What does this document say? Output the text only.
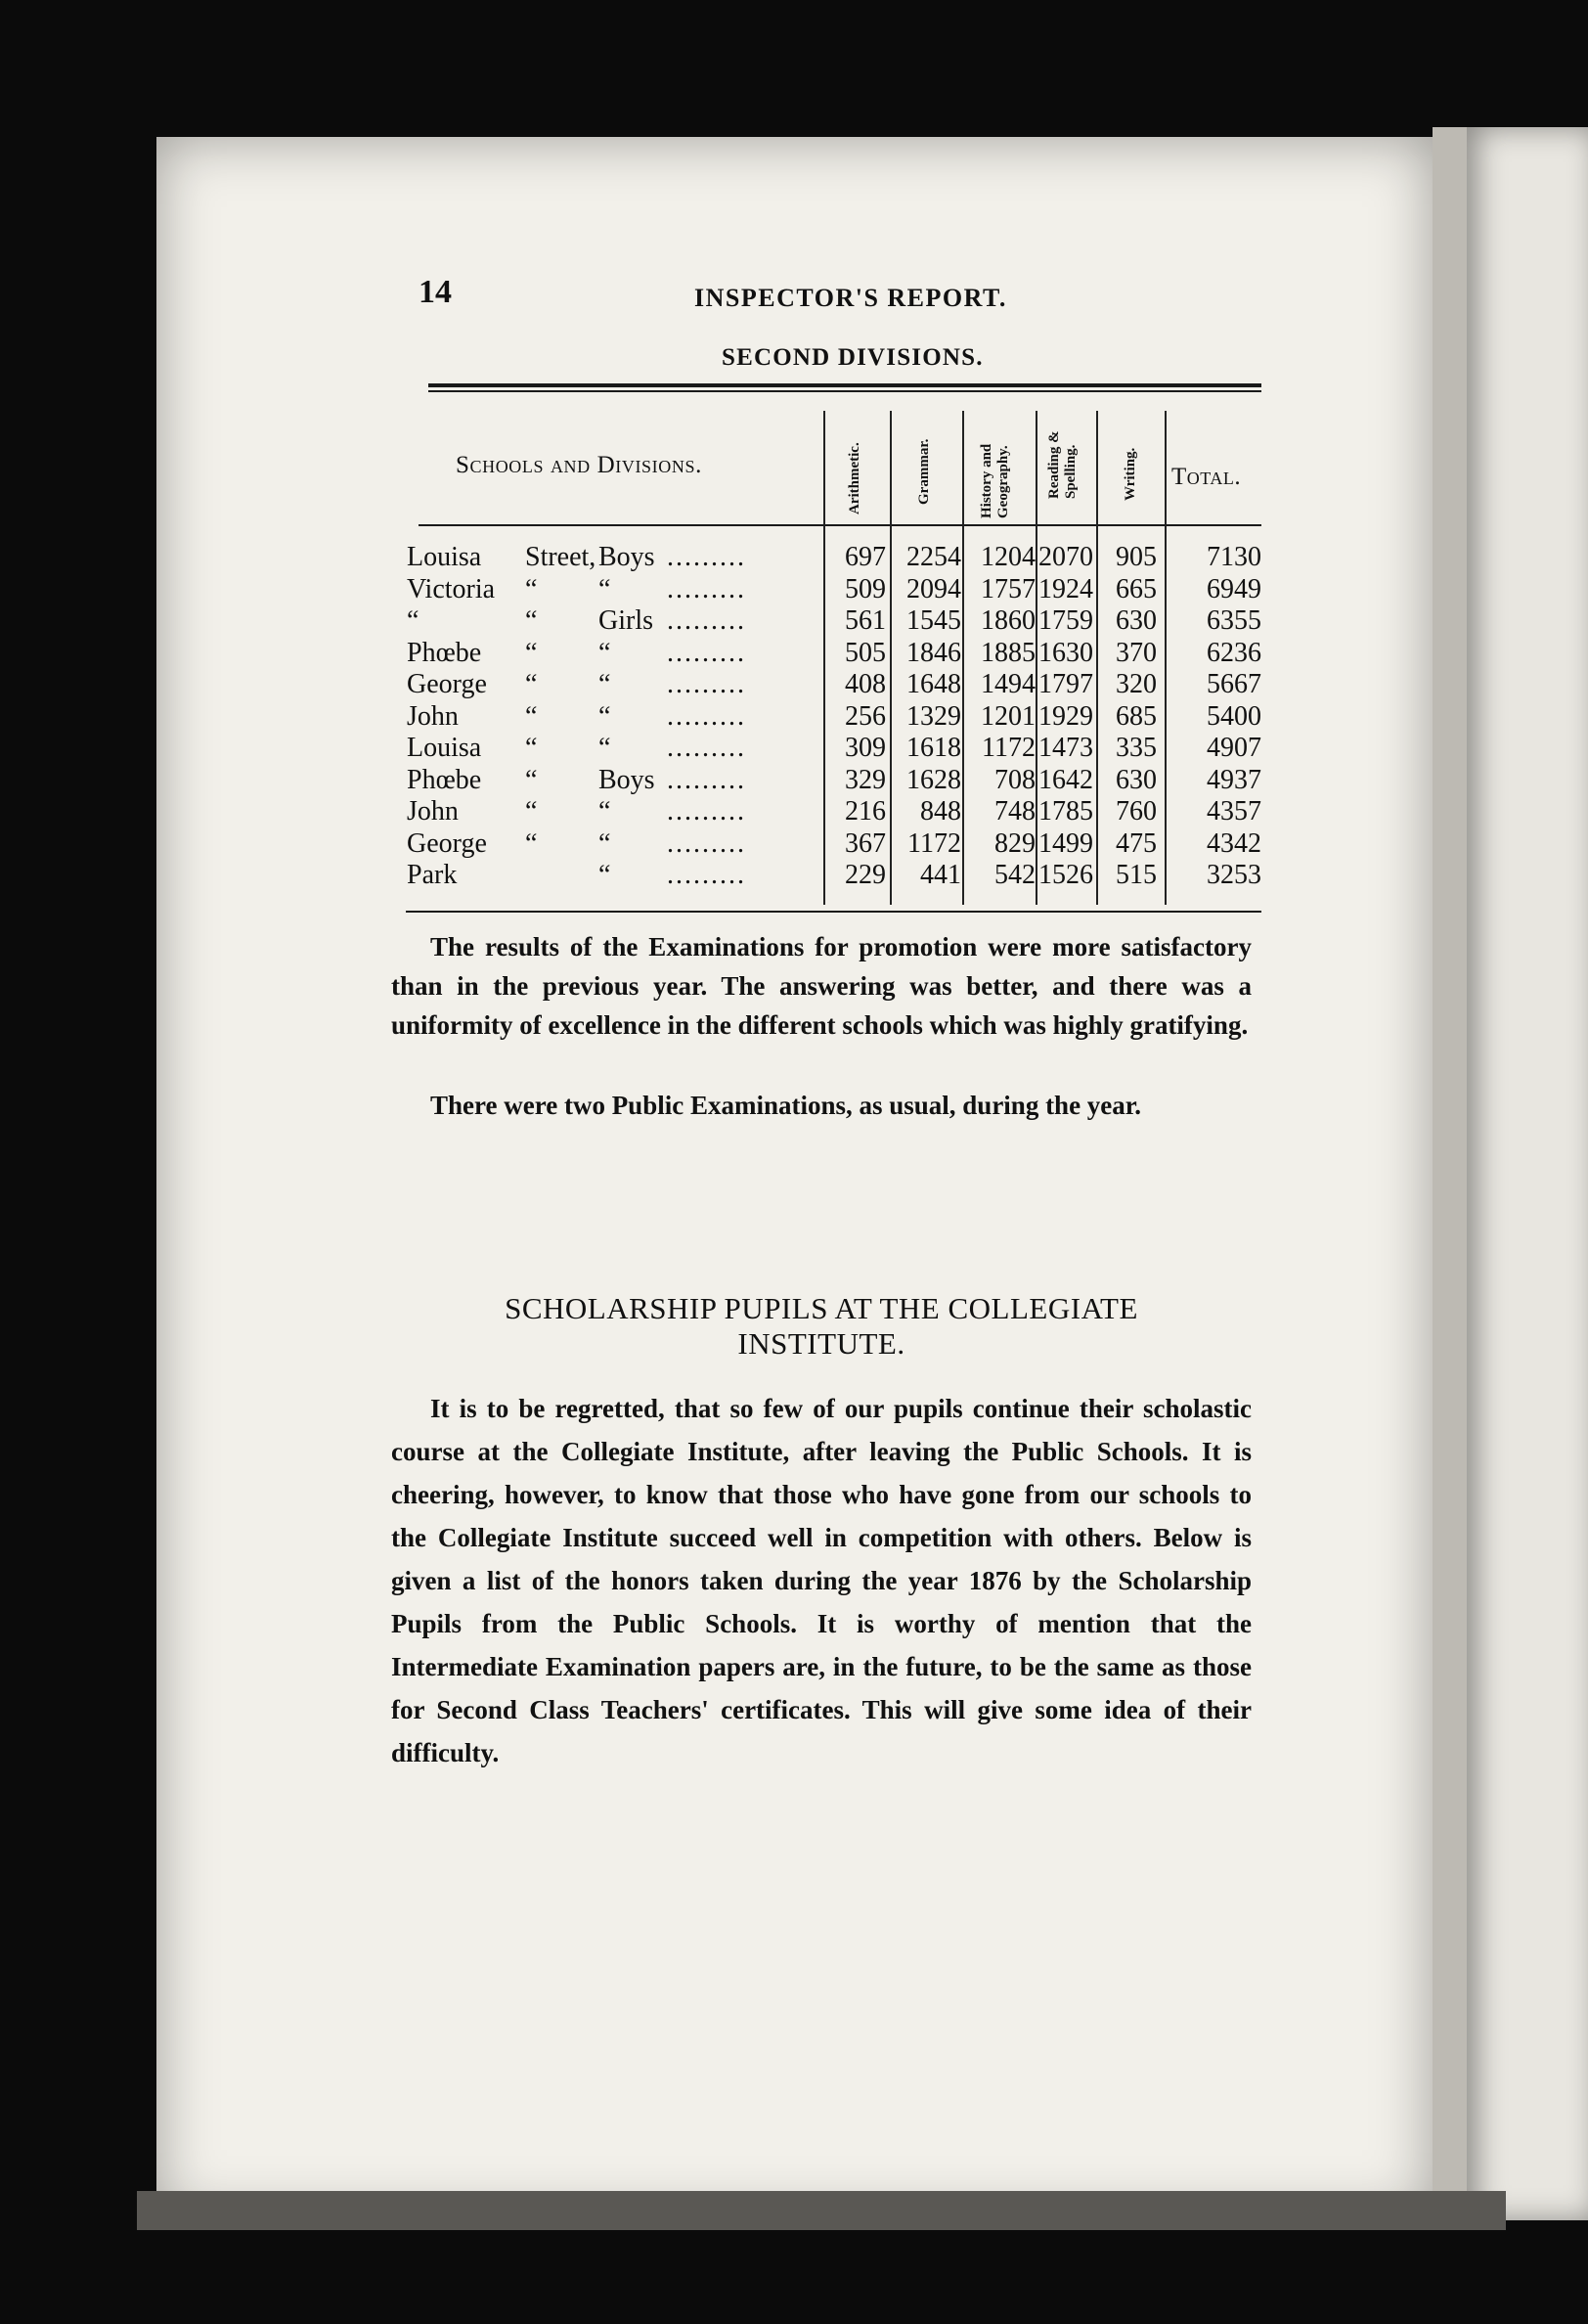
14	INSPECTOR'S REPORT.
SECOND DIVISIONS.
Schools and Divisions.	Arithmetic.	Grammar.	History and Geography. Reading & Spelling.	Writing. Total.
Louisa Street, Boys .........	697 2254 1204 2070 905	7130
Victoria “ “ .........	509 2094 1757 1924 665	6949
“	“ Girls .........	561 1545 1860 1759 630	6355
Phœbe “ “ .........	505 1846 1885 1630 370	6236
George “ “ .........	408 1648 1494 1797 320	5667
John “ “ .........	256 1329 1201 1929 685	5400
Louisa “ “ .........	309 1618 1172 1473 335	4907
Phœbe “ Boys .........	329 1628	708 1642 630	4937
John “ “ .........	216	848	748 1785 760	4357
George “ “ .........	367 1172	829 1499 475	4342
Park	“ .........	229	441	542 1526 515	3253

The results of the Examinations for promotion were more satisfactory than in the previous year. The answering was better, and there was a uniformity of excellence in the different schools which was highly gratifying.

There were two Public Examinations, as usual, during the year.

SCHOLARSHIP PUPILS AT THE COLLEGIATE
INSTITUTE.

It is to be regretted, that so few of our pupils continue their scholastic course at the Collegiate Institute, after leaving the Public Schools. It is cheering, however, to know that those who have gone from our schools to the Collegiate Institute succeed well in competition with others. Below is given a list of the honors taken during the year 1876 by the Scholarship Pupils from the Public Schools. It is worthy of mention that the Intermediate Examination papers are, in the future, to be the same as those for Second Class Teachers' certificates. This will give some idea of their difficulty.
